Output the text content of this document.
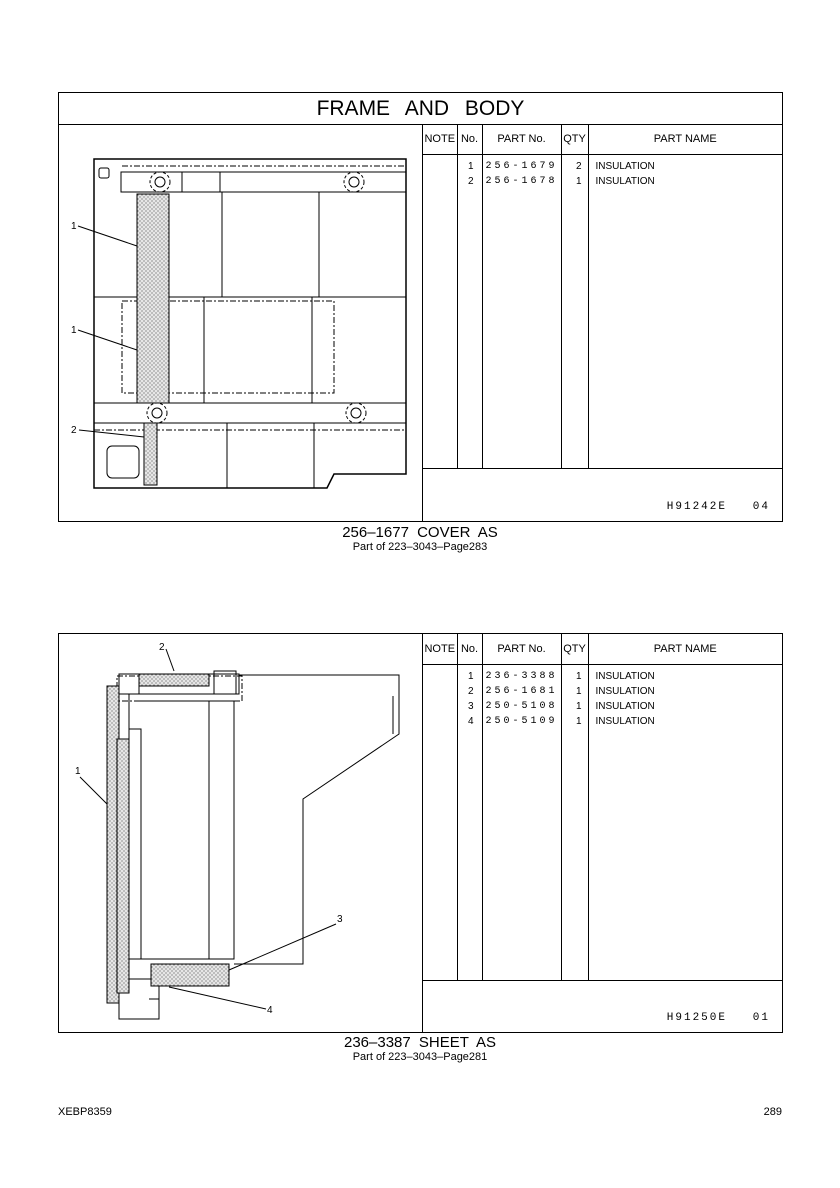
FRAME AND BODY
1
1
2
NOTE	No.	PART No.	QTY	PART NAME
	1	256-1679	2	INSULATION
	2	256-1678	1	INSULATION

H91242E   04
256–1677 COVER AS
Part of 223–3043–Page283
2
1
3
4
NOTE	No.	PART No.	QTY	PART NAME
	1	236-3388	1	INSULATION
	2	256-1681	1	INSULATION
	3	250-5108	1	INSULATION
	4	250-5109	1	INSULATION

H91250E   01
236–3387 SHEET AS
Part of 223–3043–Page281
XEBP8359	289
